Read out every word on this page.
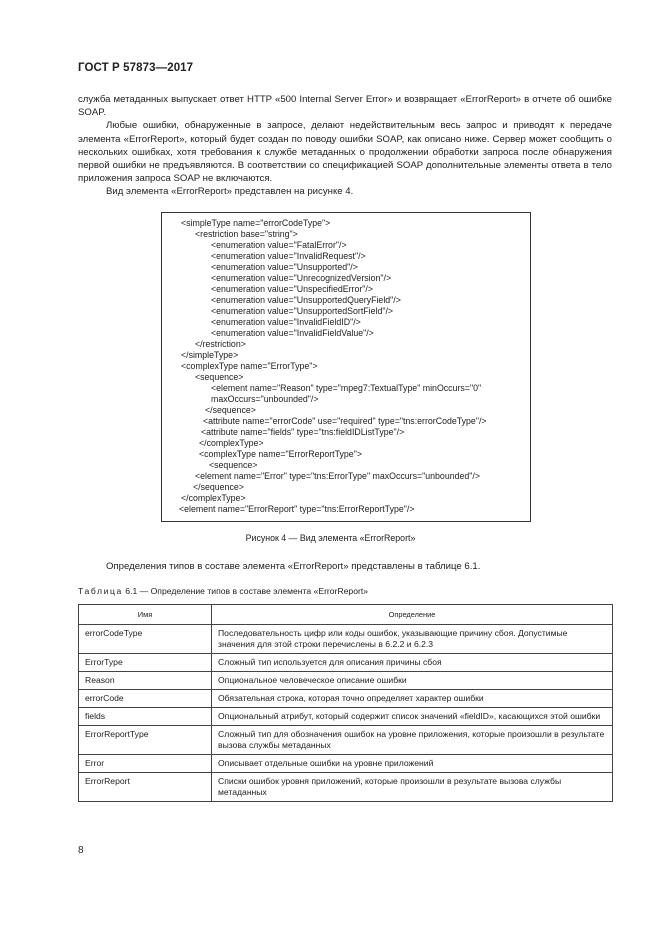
ГОСТ Р 57873—2017

служба метаданных выпускает ответ HTTP «500 Internal Server Error» и возвращает «ErrorReport» в отчете об ошибке SOAP.

Любые ошибки, обнаруженные в запросе, делают недействительным весь запрос и приводят к передаче элемента «ErrorReport», который будет создан по поводу ошибки SOAP, как описано ниже. Сервер может сообщить о нескольких ошибках, хотя требования к службе метаданных о продолжении обработки запроса после обнаружения первой ошибки не предъявляются. В соответствии со спецификацией SOAP дополнительные элементы ответа в тело приложения запроса SOAP не включаются.

Вид элемента «ErrorReport» представлен на рисунке 4.

<simpleType name="errorCodeType">
<restriction base="string">
<enumeration value="FatalError"/>
<enumeration value="InvalidRequest"/>
<enumeration value="Unsupported"/>
<enumeration value="UnrecognizedVersion"/>
<enumeration value="UnspecifiedError"/>
<enumeration value="UnsupportedQueryField"/>
<enumeration value="UnsupportedSortField"/>
<enumeration value="InvalidFieldID"/>
<enumeration value="InvalidFieldValue"/>
</restriction>
</simpleType>
<complexType name="ErrorType">
<sequence>
<element name="Reason" type="mpeg7:TextualType" minOccurs="0"
maxOccurs="unbounded"/>
</sequence>
<attribute name="errorCode" use="required" type="tns:errorCodeType"/>
<attribute name="fields" type="tns:fieldIDListType"/>
</complexType>
<complexType name="ErrorReportType">
<sequence>
<element name="Error" type="tns:ErrorType" maxOccurs="unbounded"/>
</sequence>
</complexType>
<element name="ErrorReport" type="tns:ErrorReportType"/>
Рисунок 4 — Вид элемента «ErrorReport»
Определения типов в составе элемента «ErrorReport» представлены в таблице 6.1.
Таблица 6.1 — Определение типов в составе элемента «ErrorReport»
Имя	Определение
errorCodeType	Последовательность цифр или коды ошибок, указывающие причину сбоя. Допустимые значения для этой строки перечислены в 6.2.2 и 6.2.3
ErrorType	Сложный тип используется для описания причины сбоя
Reason	Опциональное человеческое описание ошибки
errorCode	Обязательная строка, которая точно определяет характер ошибки
fields	Опциональный атрибут, который содержит список значений «fieldID», касающихся этой ошибки
ErrorReportType	Сложный тип для обозначения ошибок на уровне приложения, которые произошли в результате вызова службы метаданных
Error	Описывает отдельные ошибки на уровне приложений
ErrorReport	Списки ошибок уровня приложений, которые произошли в результате вызова службы метаданных
8
